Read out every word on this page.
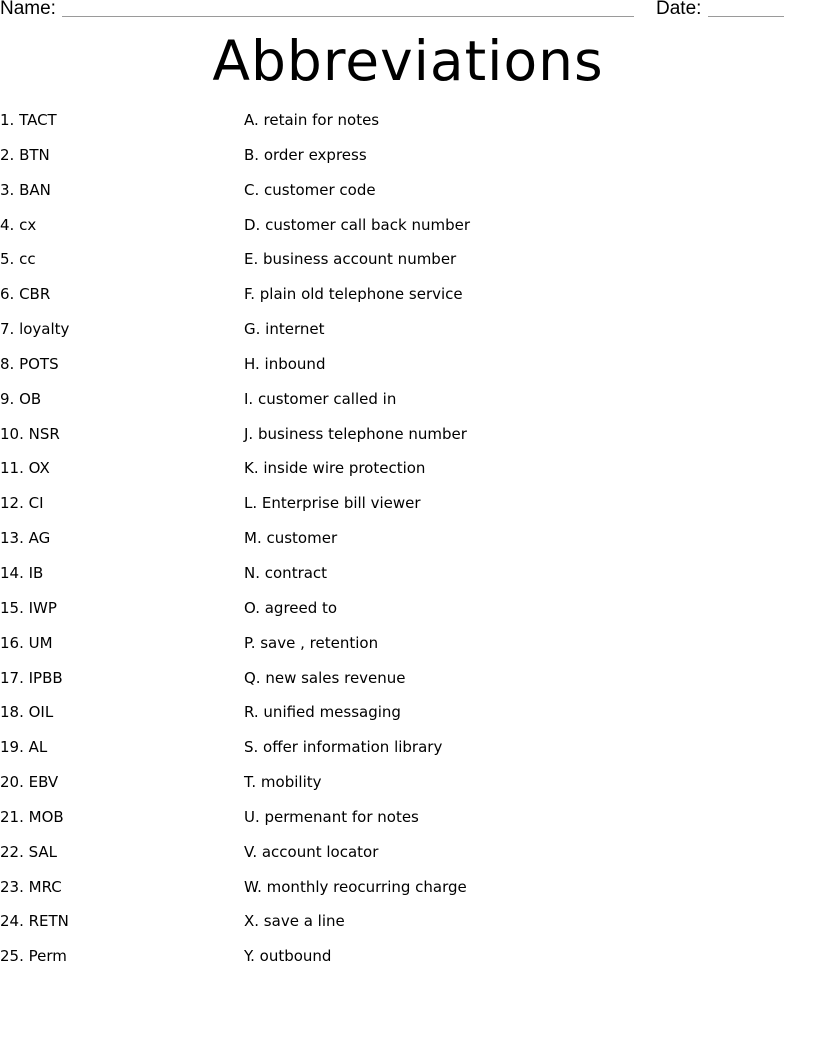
Name:	Date:
Abbreviations
1. TACT	A. retain for notes
2. BTN	B. order express
3. BAN	C. customer code
4. cx	D. customer call back number
5. cc	E. business account number
6. CBR	F. plain old telephone service
7. loyalty	G. internet
8. POTS	H. inbound
9. OB	I. customer called in
10. NSR	J. business telephone number
11. OX	K. inside wire protection
12. CI	L. Enterprise bill viewer
13. AG	M. customer
14. IB	N. contract
15. IWP	O. agreed to
16. UM	P. save , retention
17. IPBB	Q. new sales revenue
18. OIL	R. unified messaging
19. AL	S. offer information library
20. EBV	T. mobility
21. MOB	U. permenant for notes
22. SAL	V. account locator
23. MRC	W. monthly reocurring charge
24. RETN	X. save a line
25. Perm	Y. outbound
